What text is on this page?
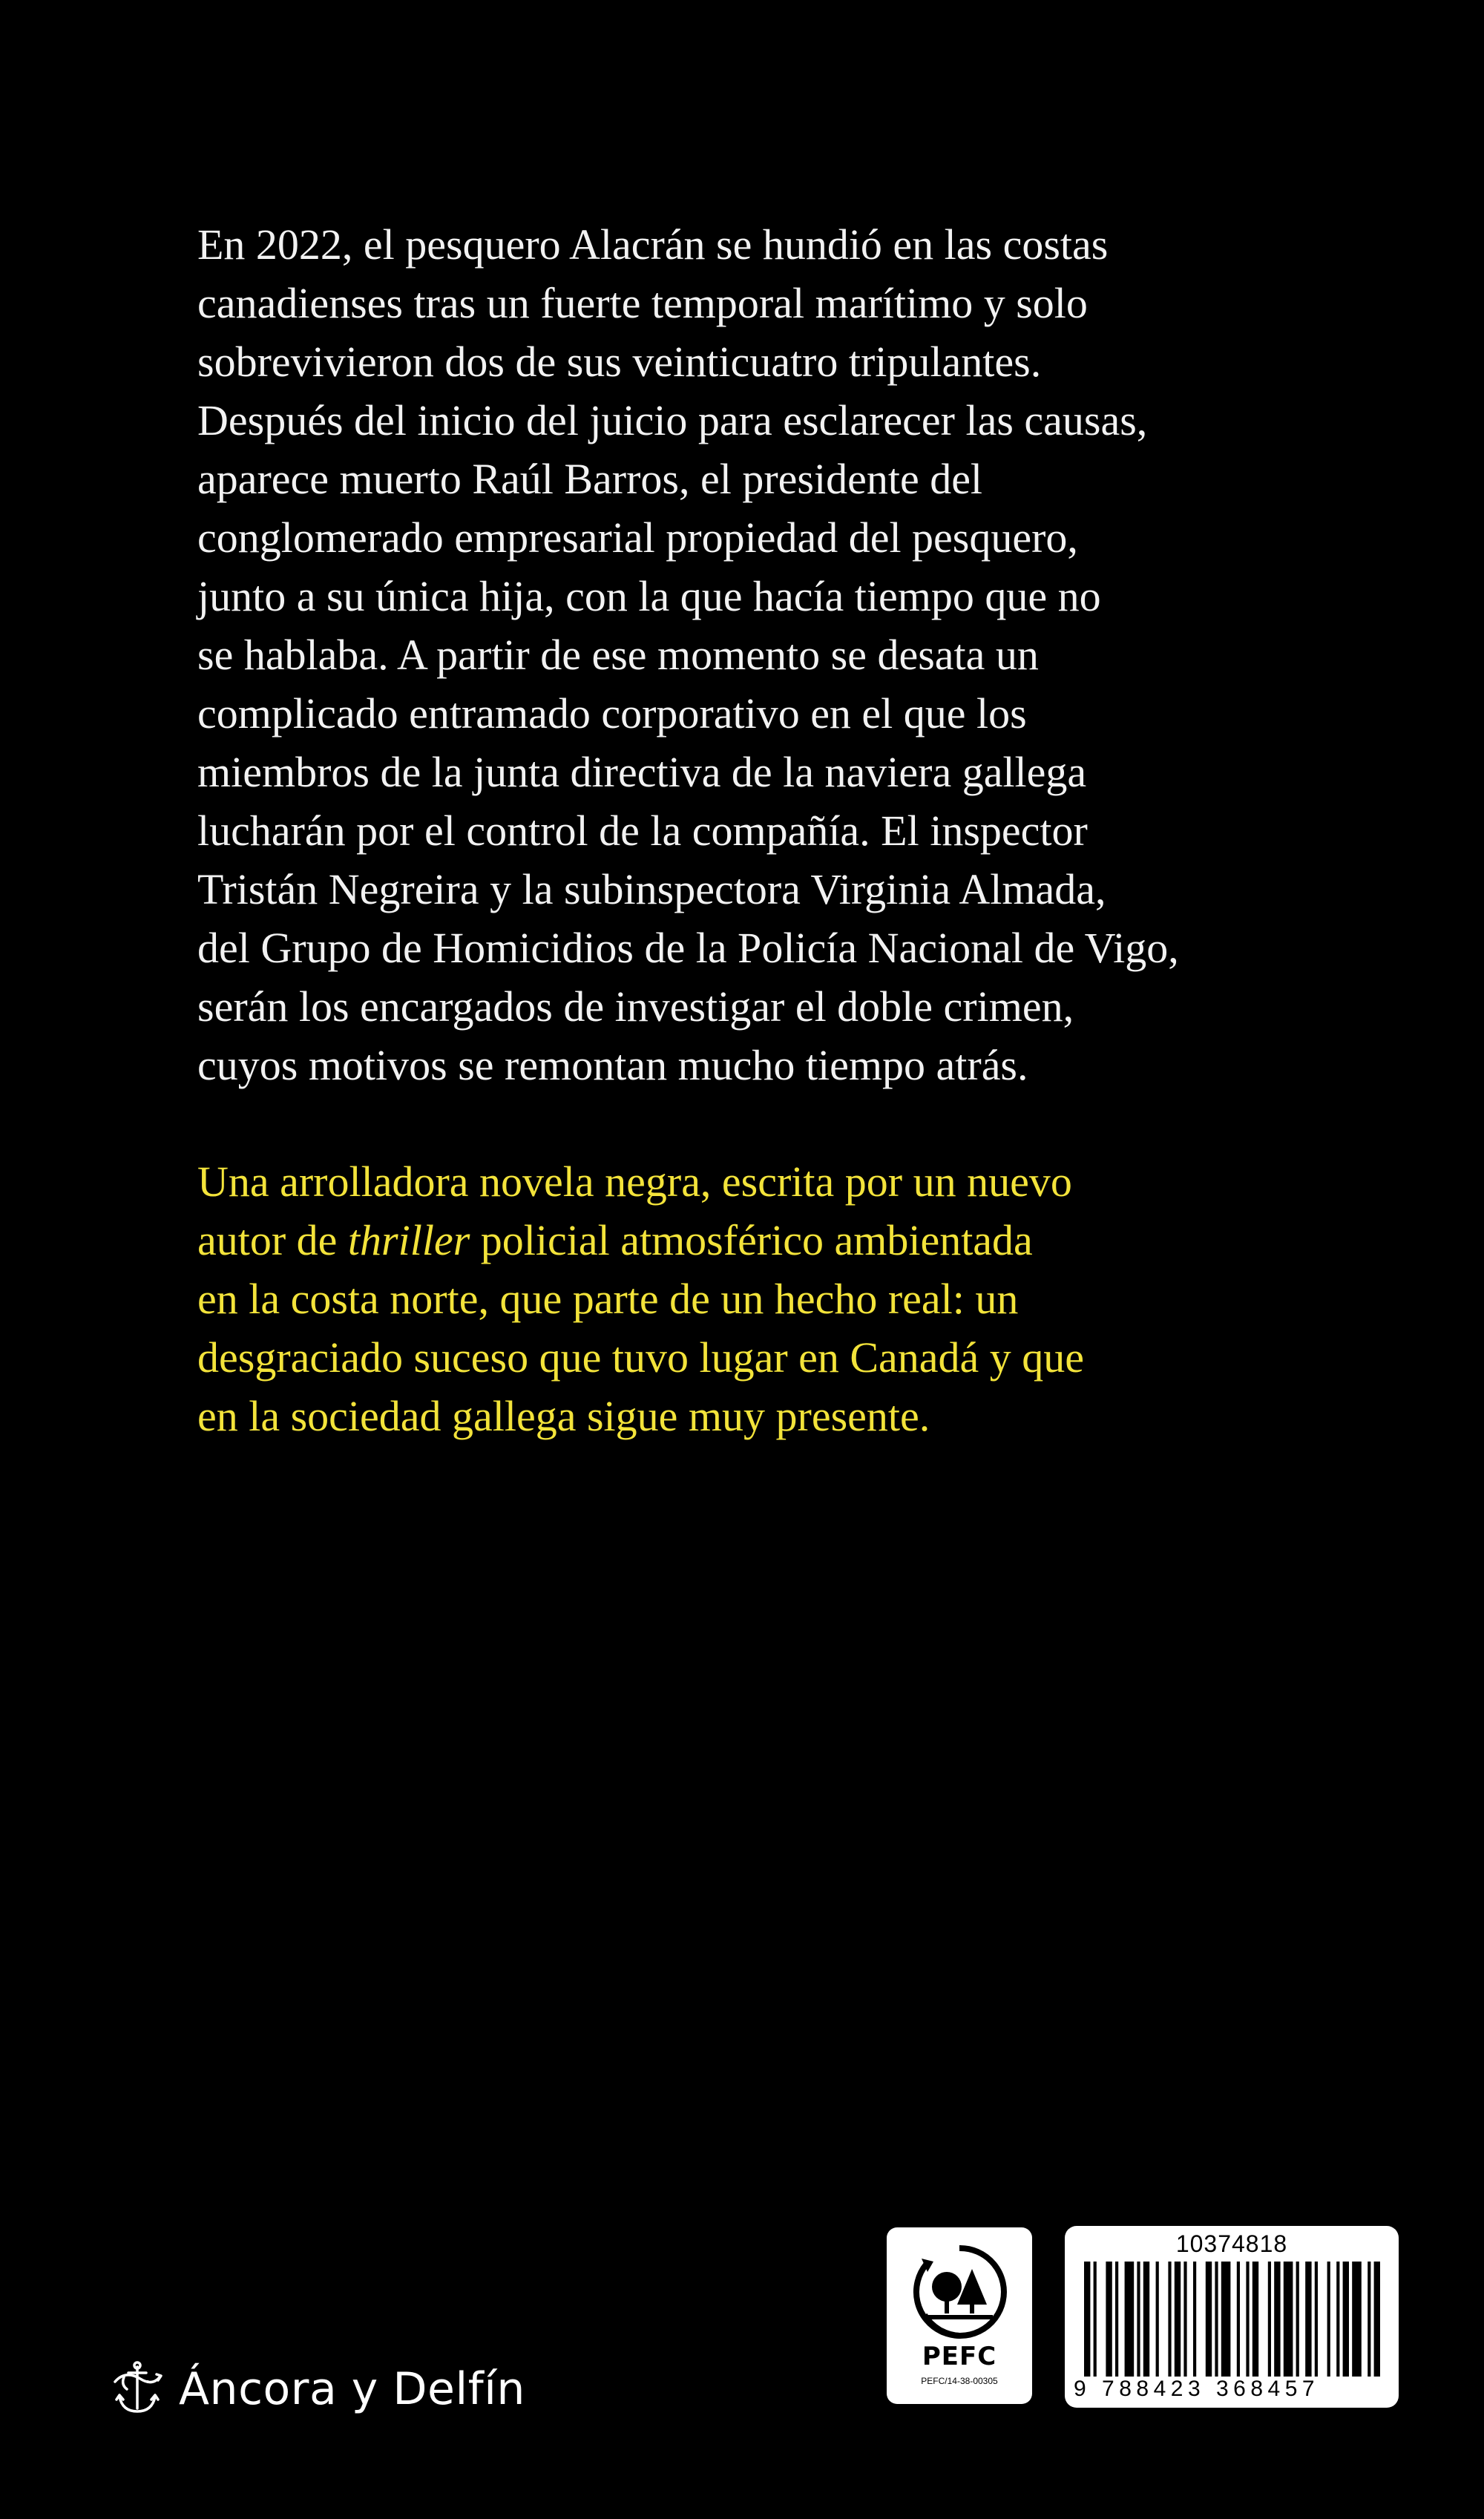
En 2022, el pesquero Alacrán se hundió en las costas
canadienses tras un fuerte temporal marítimo y solo
sobrevivieron dos de sus veinticuatro tripulantes.
Después del inicio del juicio para esclarecer las causas,
aparece muerto Raúl Barros, el presidente del
conglomerado empresarial propiedad del pesquero,
junto a su única hija, con la que hacía tiempo que no
se hablaba. A partir de ese momento se desata un
complicado entramado corporativo en el que los
miembros de la junta directiva de la naviera gallega
lucharán por el control de la compañía. El inspector
Tristán Negreira y la subinspectora Virginia Almada,
del Grupo de Homicidios de la Policía Nacional de Vigo,
serán los encargados de investigar el doble crimen,
cuyos motivos se remontan mucho tiempo atrás.
Una arrolladora novela negra, escrita por un nuevo
autor de thriller policial atmosférico ambientada
en la costa norte, que parte de un hecho real: un
desgraciado suceso que tuvo lugar en Canadá y que
en la sociedad gallega sigue muy presente.
Áncora y Delfín
PEFC
PEFC/14-38-00305
10374818
9 788423 368457
